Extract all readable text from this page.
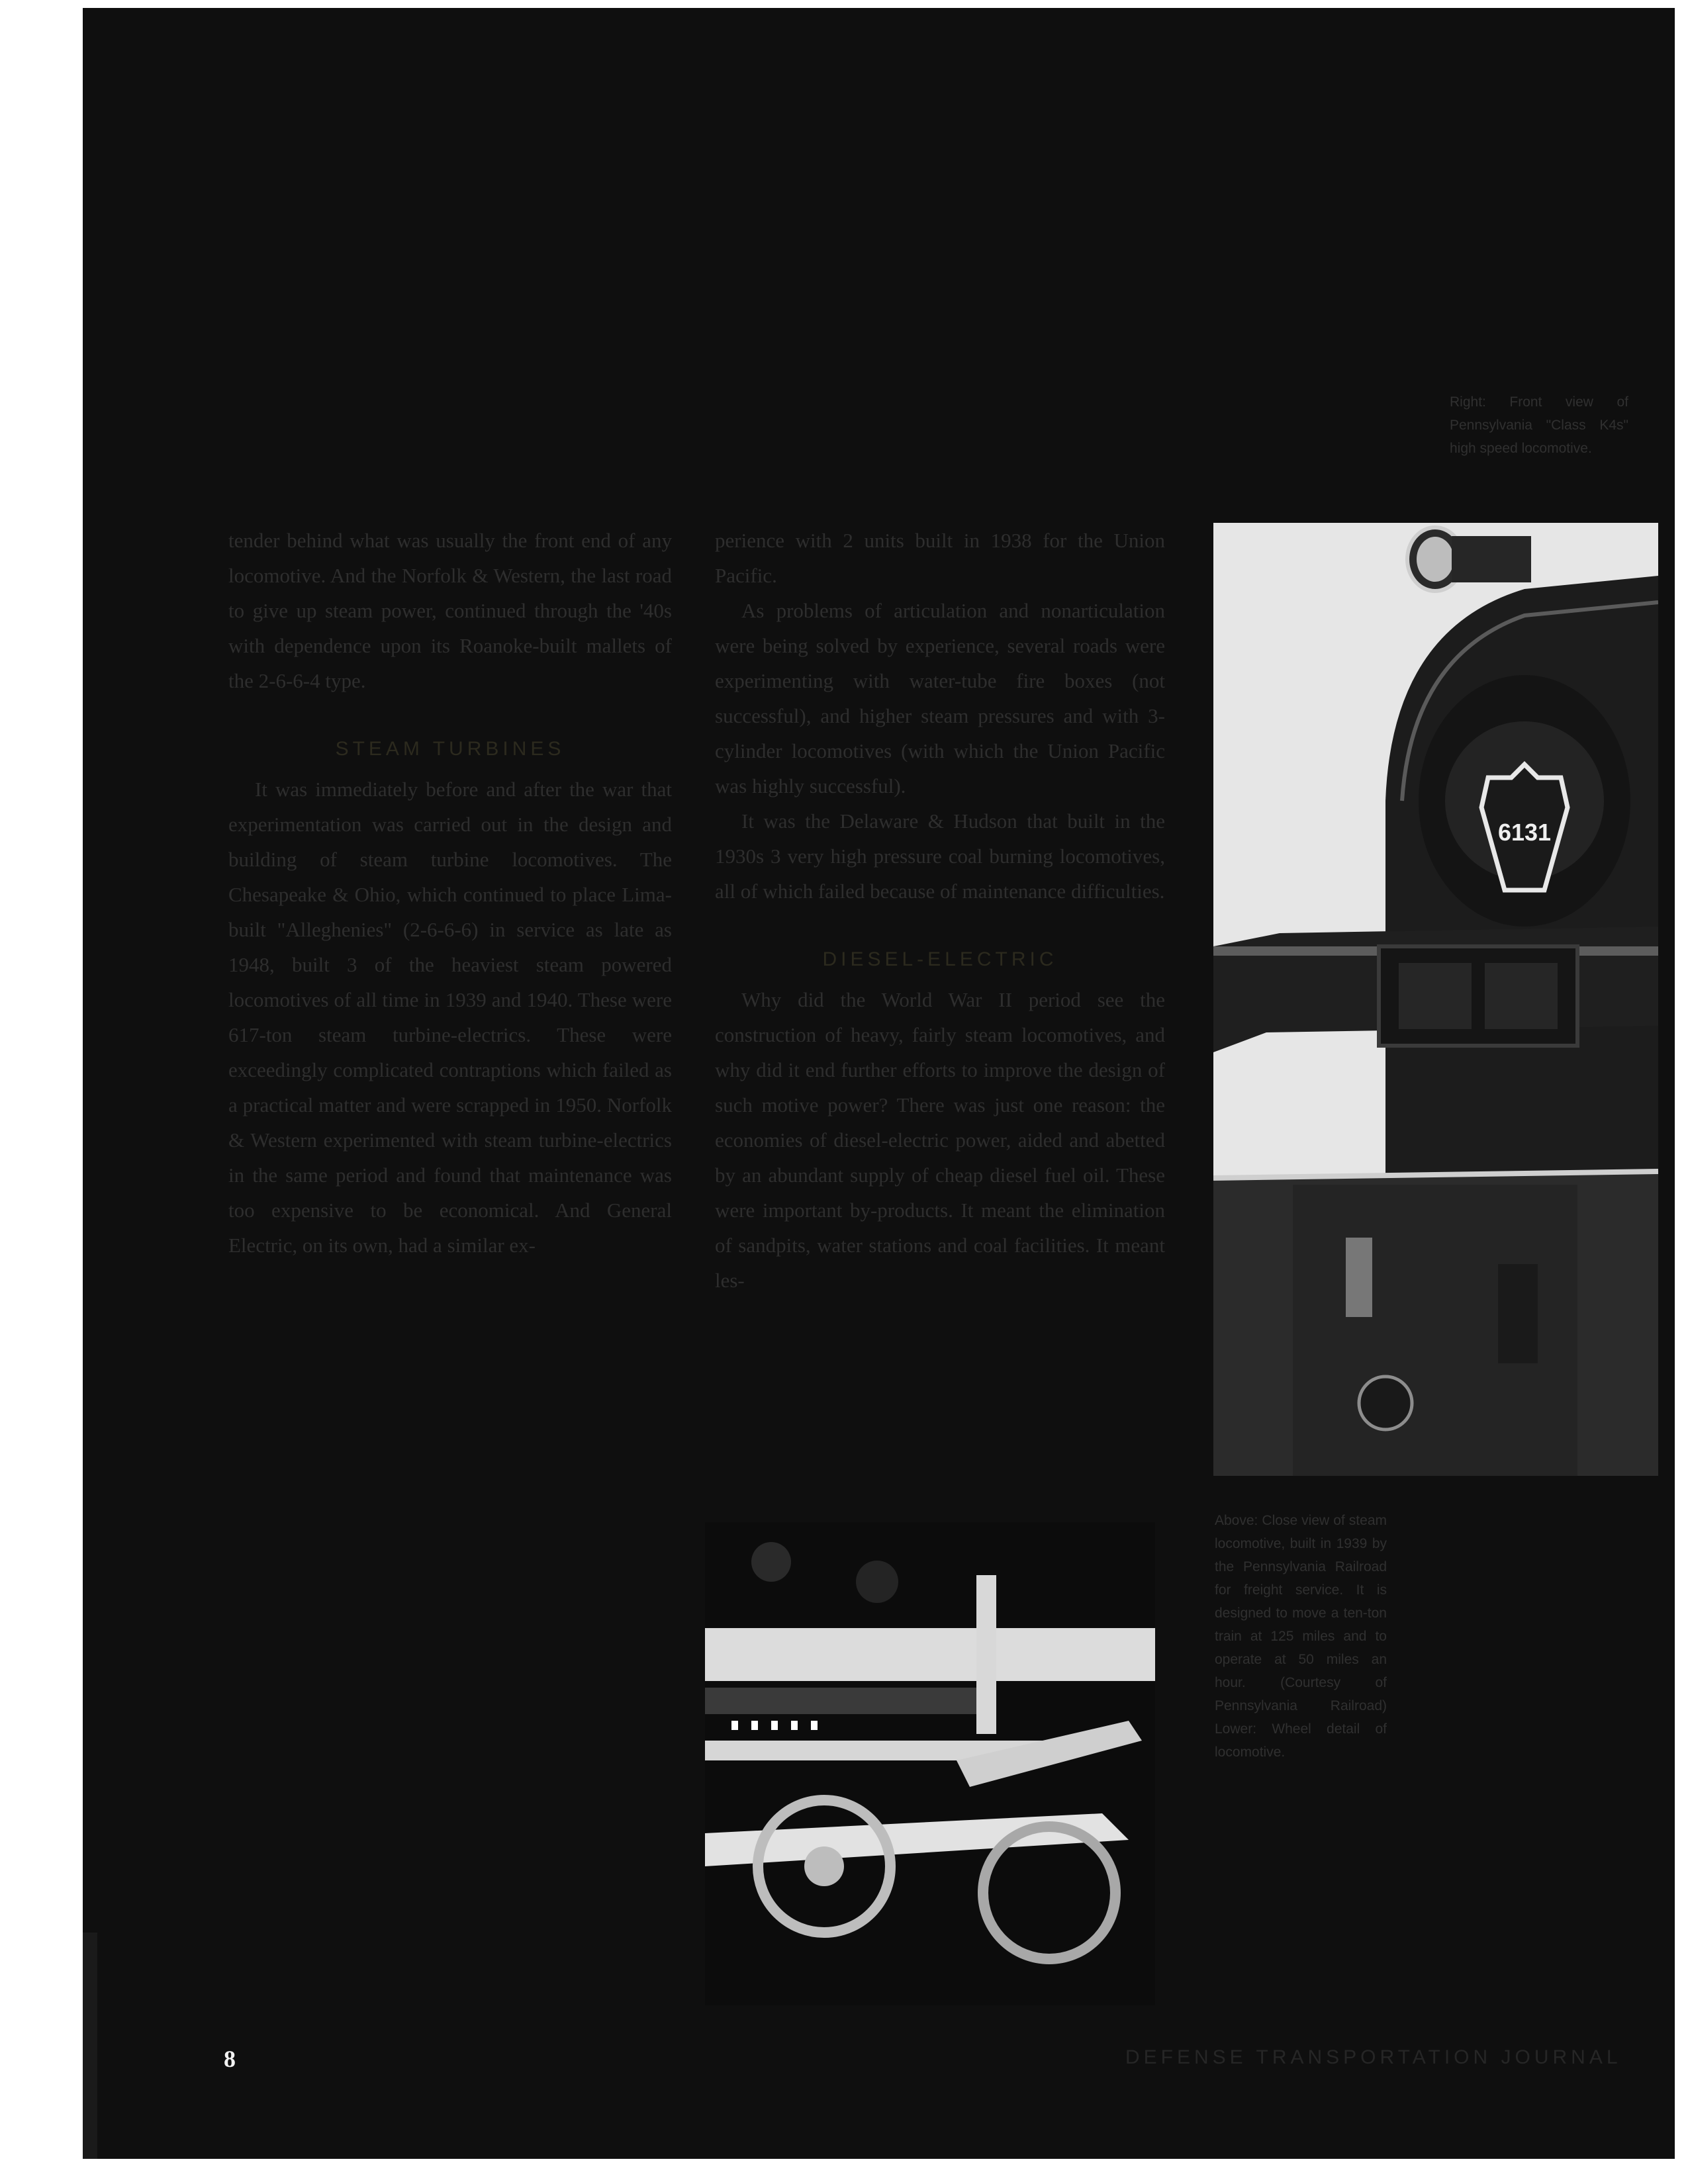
Right: Front view of Pennsylvania "Class K4s" high speed locomotive.

tender behind what was usually the front end of any locomotive. And the Norfolk & Western, the last road to give up steam power, continued through the '40s with dependence upon its Roanoke-built mallets of the 2-6-6-4 type.

STEAM TURBINES

It was immediately before and after the war that experimentation was carried out in the design and building of steam turbine locomotives. The Chesapeake & Ohio, which continued to place Lima-built "Alleghenies" (2-6-6-6) in service as late as 1948, built 3 of the heaviest steam powered locomotives of all time in 1939 and 1940. These were 617-ton steam turbine-electrics. These were exceedingly complicated contraptions which failed as a practical matter and were scrapped in 1950. Norfolk & Western experimented with steam turbine-electrics in the same period and found that maintenance was too expensive to be economical. And General Electric, on its own, had a similar ex-

perience with 2 units built in 1938 for the Union Pacific.

As problems of articulation and nonarticulation were being solved by experience, several roads were experimenting with water-tube fire boxes (not successful), and higher steam pressures and with 3-cylinder locomotives (with which the Union Pacific was highly successful).

It was the Delaware & Hudson that built in the 1930s 3 very high pressure coal burning locomotives, all of which failed because of maintenance difficulties.

DIESEL-ELECTRIC

Why did the World War II period see the construction of heavy, fairly steam locomotives, and why did it end further efforts to improve the design of such motive power? There was just one reason: the economies of diesel-electric power, aided and abetted by an abundant supply of cheap diesel fuel oil. These were important by-products. It meant the elimination of sandpits, water stations and coal facilities. It meant les-

6131
Above: Close view of steam locomotive, built in 1939 by the Pennsylvania Railroad for freight service. It is designed to move a ten-ton train at 125 miles and to operate at 50 miles an hour. (Courtesy of Pennsylvania Railroad) Lower: Wheel detail of locomotive.
8	DEFENSE TRANSPORTATION JOURNAL
